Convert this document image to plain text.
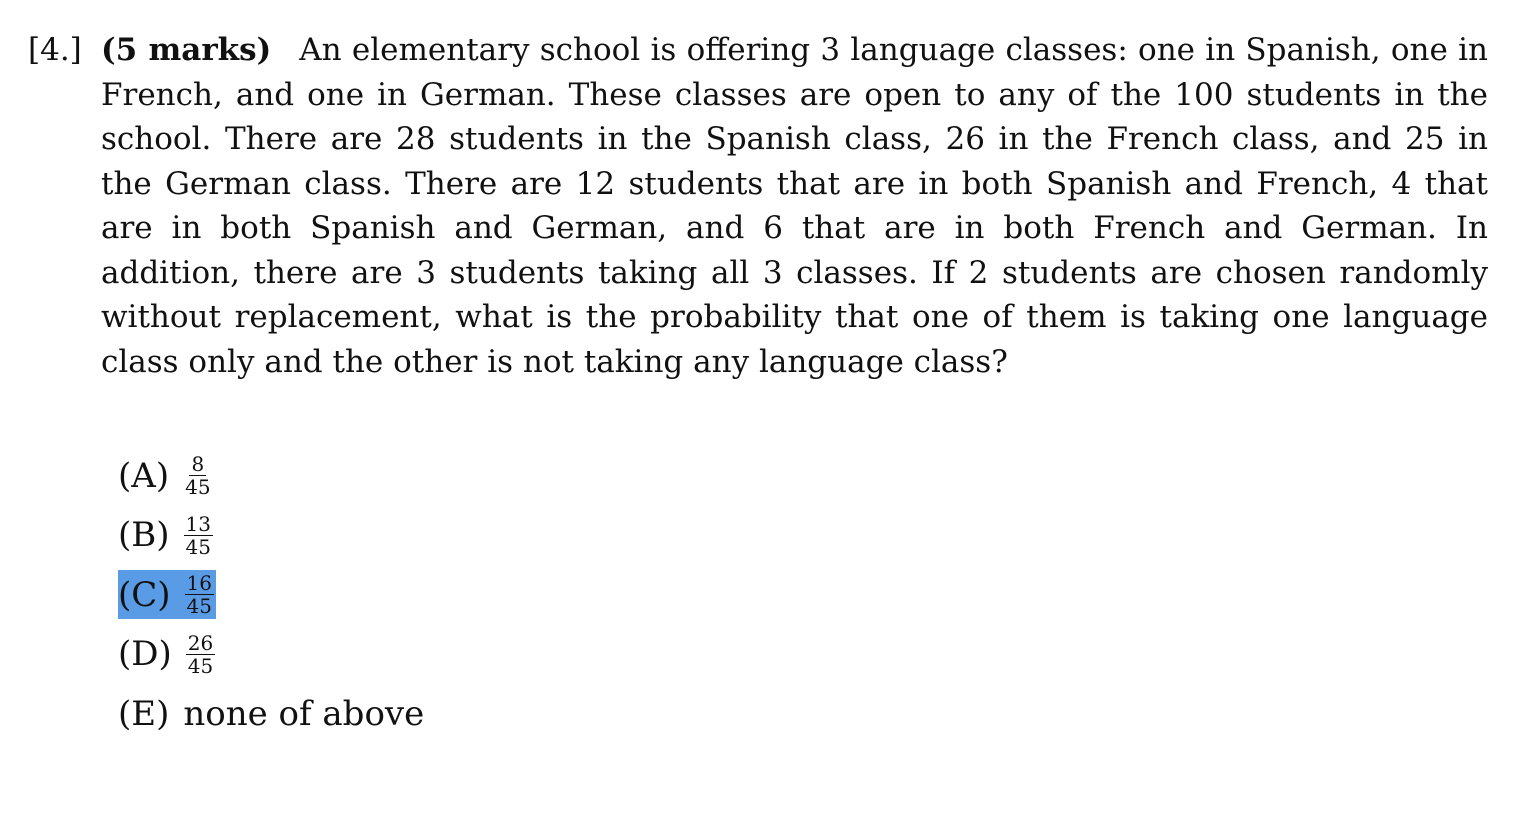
[4.] (5 marks) An elementary school is offering 3 language classes: one in Spanish, one in French, and one in German. These classes are open to any of the 100 students in the school. There are 28 students in the Spanish class, 26 in the French class, and 25 in the German class. There are 12 students that are in both Spanish and French, 4 that are in both Spanish and German, and 6 that are in both French and German. In addition, there are 3 students taking all 3 classes. If 2 students are chosen randomly without replacement, what is the probability that one of them is taking one language class only and the other is not taking any language class?
$(A) \frac{8}{45}$
$(B) \frac{13}{45}$
$(C) \frac{16}{45}$
$(D) \frac{26}{45}$
(E) none of above
